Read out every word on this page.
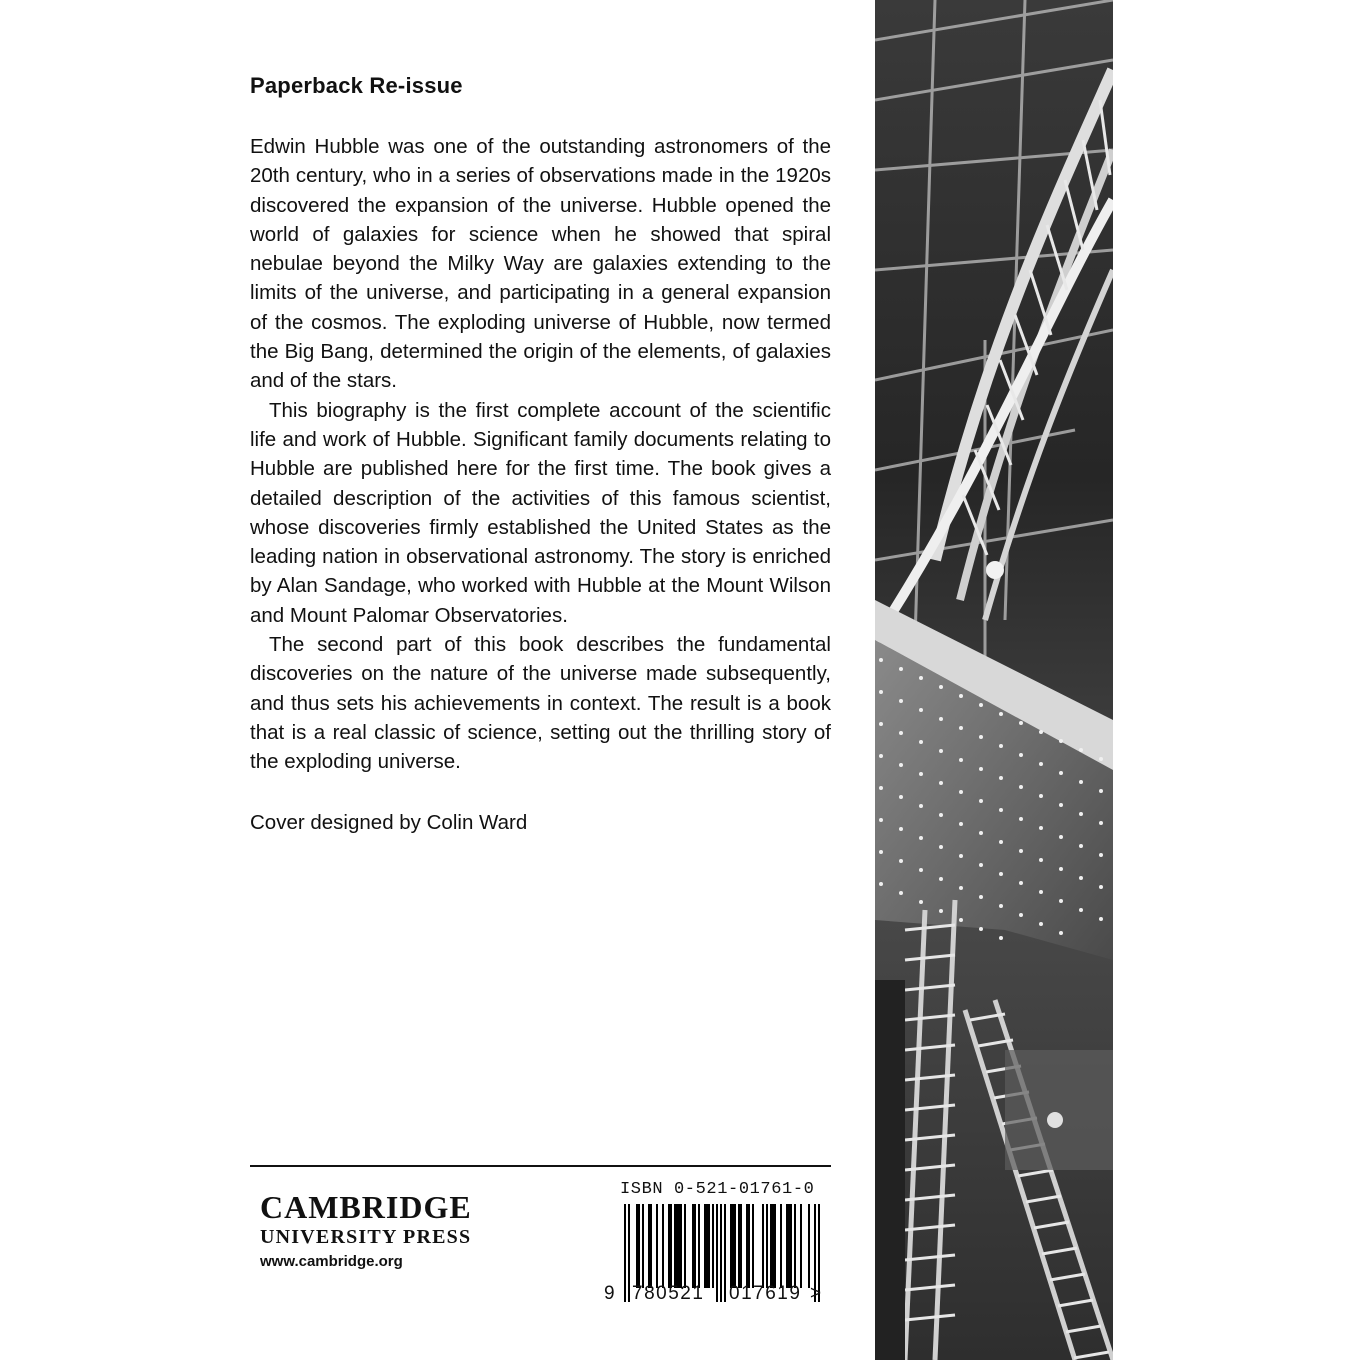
Paperback Re-issue

Edwin Hubble was one of the outstanding astronomers of the 20th century, who in a series of observations made in the 1920s discovered the expansion of the universe. Hubble opened the world of galaxies for science when he showed that spiral nebulae beyond the Milky Way are galaxies extending to the limits of the universe, and participating in a general expansion of the cosmos. The exploding universe of Hubble, now termed the Big Bang, determined the origin of the elements, of galaxies and of the stars.

This biography is the first complete account of the scientific life and work of Hubble. Significant family documents relating to Hubble are published here for the first time. The book gives a detailed description of the activities of this famous scientist, whose discoveries firmly established the United States as the leading nation in observational astronomy. The story is enriched by Alan Sandage, who worked with Hubble at the Mount Wilson and Mount Palomar Observatories.

The second part of this book describes the fundamental discoveries on the nature of the universe made subsequently, and thus sets his achievements in context. The result is a book that is a real classic of science, setting out the thrilling story of the exploding universe.

Cover designed by Colin Ward
CAMBRIDGE
UNIVERSITY PRESS
www.cambridge.org
ISBN 0-521-01761-0
9 780521 017619 >
